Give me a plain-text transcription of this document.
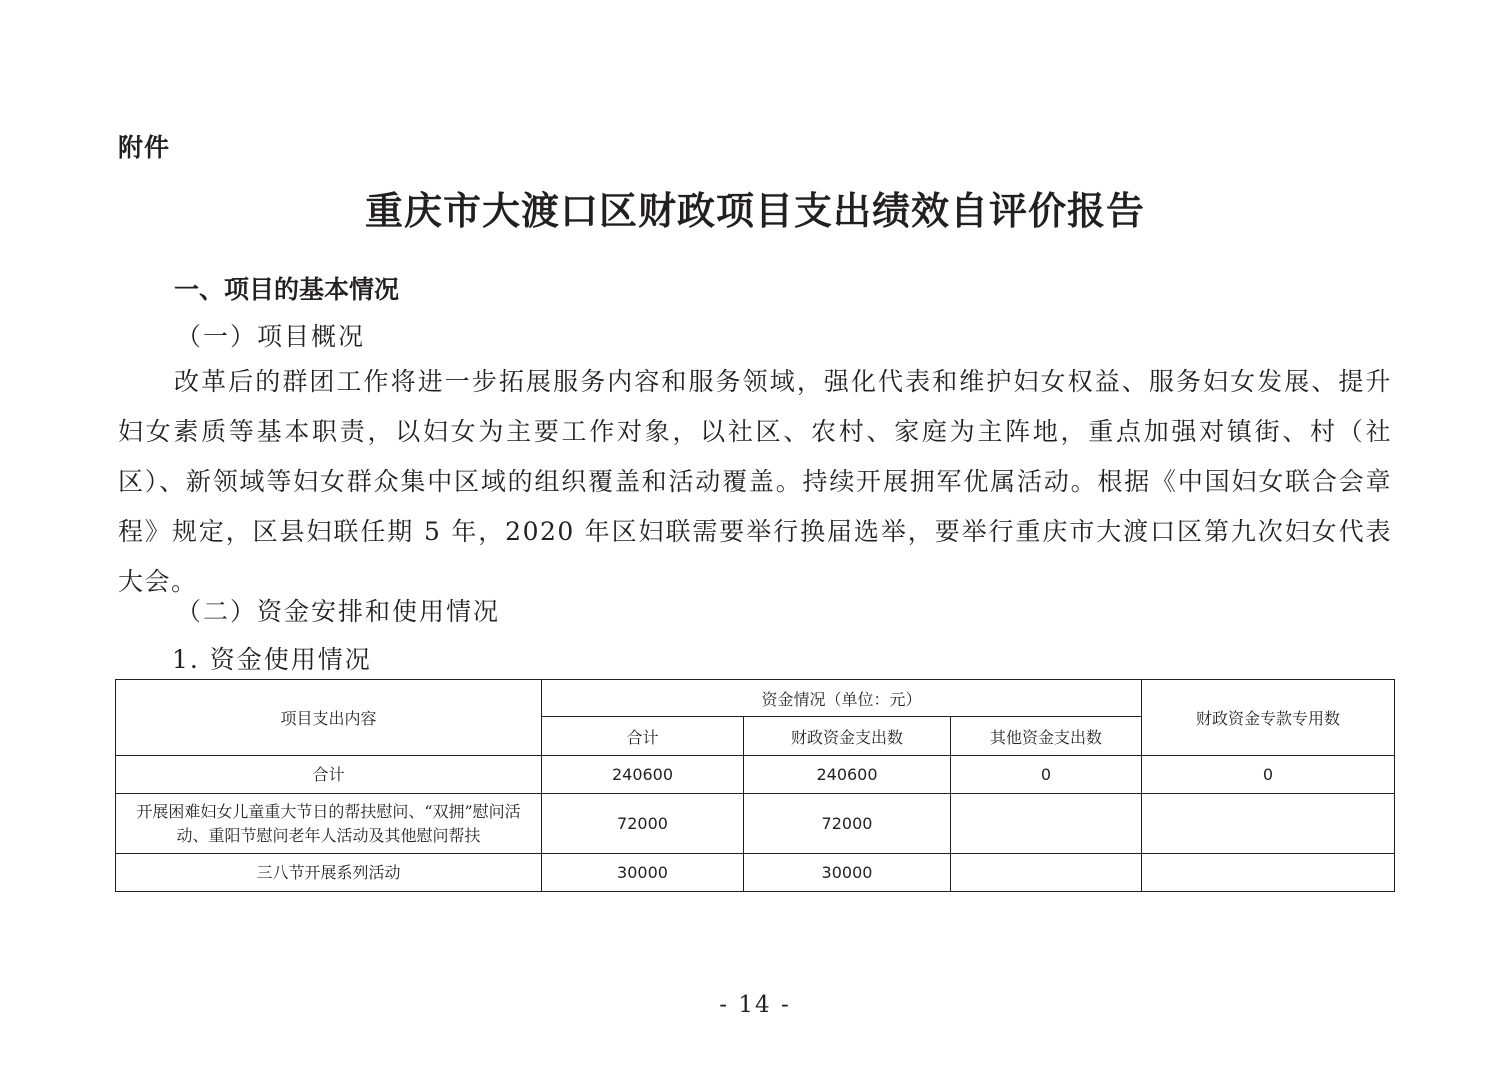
附件
重庆市大渡口区财政项目支出绩效自评价报告
一、项目的基本情况
（一）项目概况

改革后的群团工作将进一步拓展服务内容和服务领域，强化代表和维护妇女权益、服务妇女发展、提升妇女素质等基本职责，以妇女为主要工作对象，以社区、农村、家庭为主阵地，重点加强对镇街、村（社区）、新领域等妇女群众集中区域的组织覆盖和活动覆盖。持续开展拥军优属活动。根据《中国妇女联合会章程》规定，区县妇联任期 5 年，2020 年区妇联需要举行换届选举，要举行重庆市大渡口区第九次妇女代表大会。

（二）资金安排和使用情况
1. 资金使用情况
项目支出内容	资金情况（单位：元）			财政资金专款专用数
	合计	财政资金支出数	其他资金支出数	
合计	240600	240600	0	0
开展困难妇女儿童重大节日的帮扶慰问、“双拥”慰问活动、重阳节慰问老年人活动及其他慰问帮扶	72000	72000		
三八节开展系列活动	30000	30000		
- 14 -
